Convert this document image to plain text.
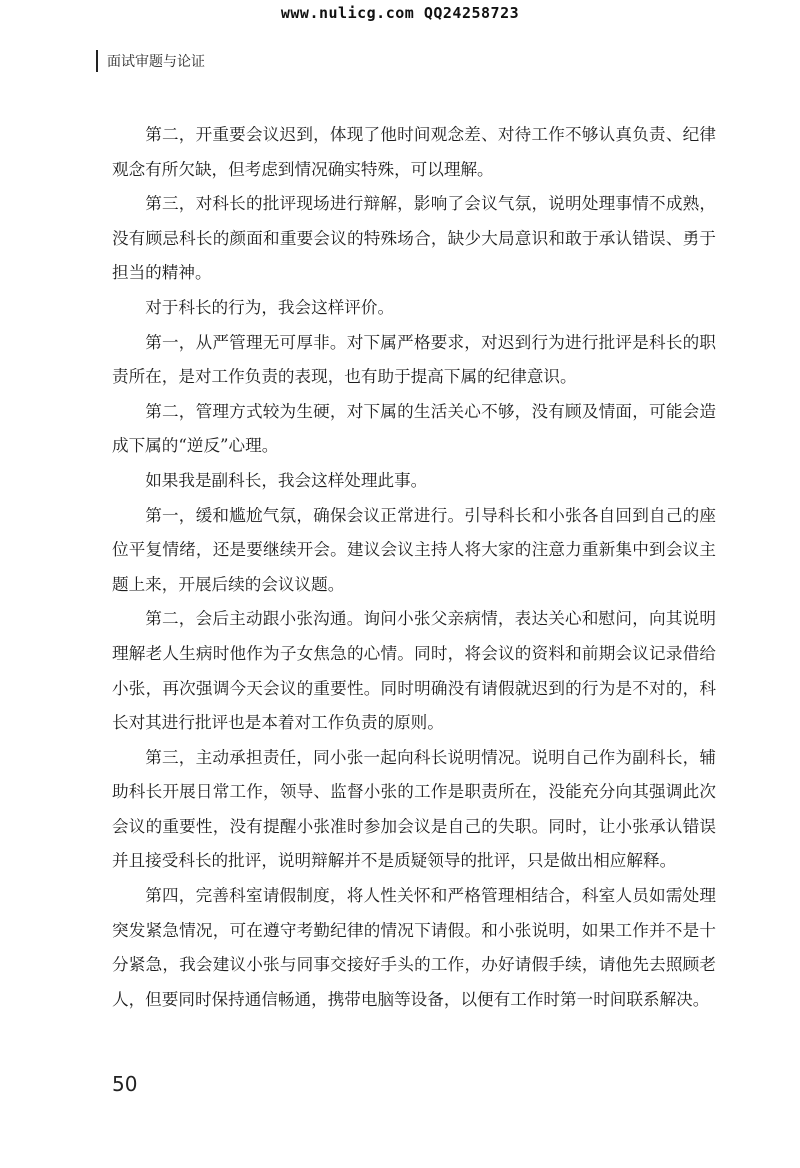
www.nulicg.com QQ24258723
面试审题与论证

第二，开重要会议迟到，体现了他时间观念差、对待工作不够认真负责、纪律观念有所欠缺，但考虑到情况确实特殊，可以理解。

第三，对科长的批评现场进行辩解，影响了会议气氛，说明处理事情不成熟，没有顾忌科长的颜面和重要会议的特殊场合，缺少大局意识和敢于承认错误、勇于担当的精神。

对于科长的行为，我会这样评价。

第一，从严管理无可厚非。对下属严格要求，对迟到行为进行批评是科长的职责所在，是对工作负责的表现，也有助于提高下属的纪律意识。

第二，管理方式较为生硬，对下属的生活关心不够，没有顾及情面，可能会造成下属的“逆反”心理。

如果我是副科长，我会这样处理此事。

第一，缓和尴尬气氛，确保会议正常进行。引导科长和小张各自回到自己的座位平复情绪，还是要继续开会。建议会议主持人将大家的注意力重新集中到会议主题上来，开展后续的会议议题。

第二，会后主动跟小张沟通。询问小张父亲病情，表达关心和慰问，向其说明理解老人生病时他作为子女焦急的心情。同时，将会议的资料和前期会议记录借给小张，再次强调今天会议的重要性。同时明确没有请假就迟到的行为是不对的，科长对其进行批评也是本着对工作负责的原则。

第三，主动承担责任，同小张一起向科长说明情况。说明自己作为副科长，辅助科长开展日常工作，领导、监督小张的工作是职责所在，没能充分向其强调此次会议的重要性，没有提醒小张准时参加会议是自己的失职。同时，让小张承认错误并且接受科长的批评，说明辩解并不是质疑领导的批评，只是做出相应解释。

第四，完善科室请假制度，将人性关怀和严格管理相结合，科室人员如需处理突发紧急情况，可在遵守考勤纪律的情况下请假。和小张说明，如果工作并不是十分紧急，我会建议小张与同事交接好手头的工作，办好请假手续，请他先去照顾老人，但要同时保持通信畅通，携带电脑等设备，以便有工作时第一时间联系解决。

50
